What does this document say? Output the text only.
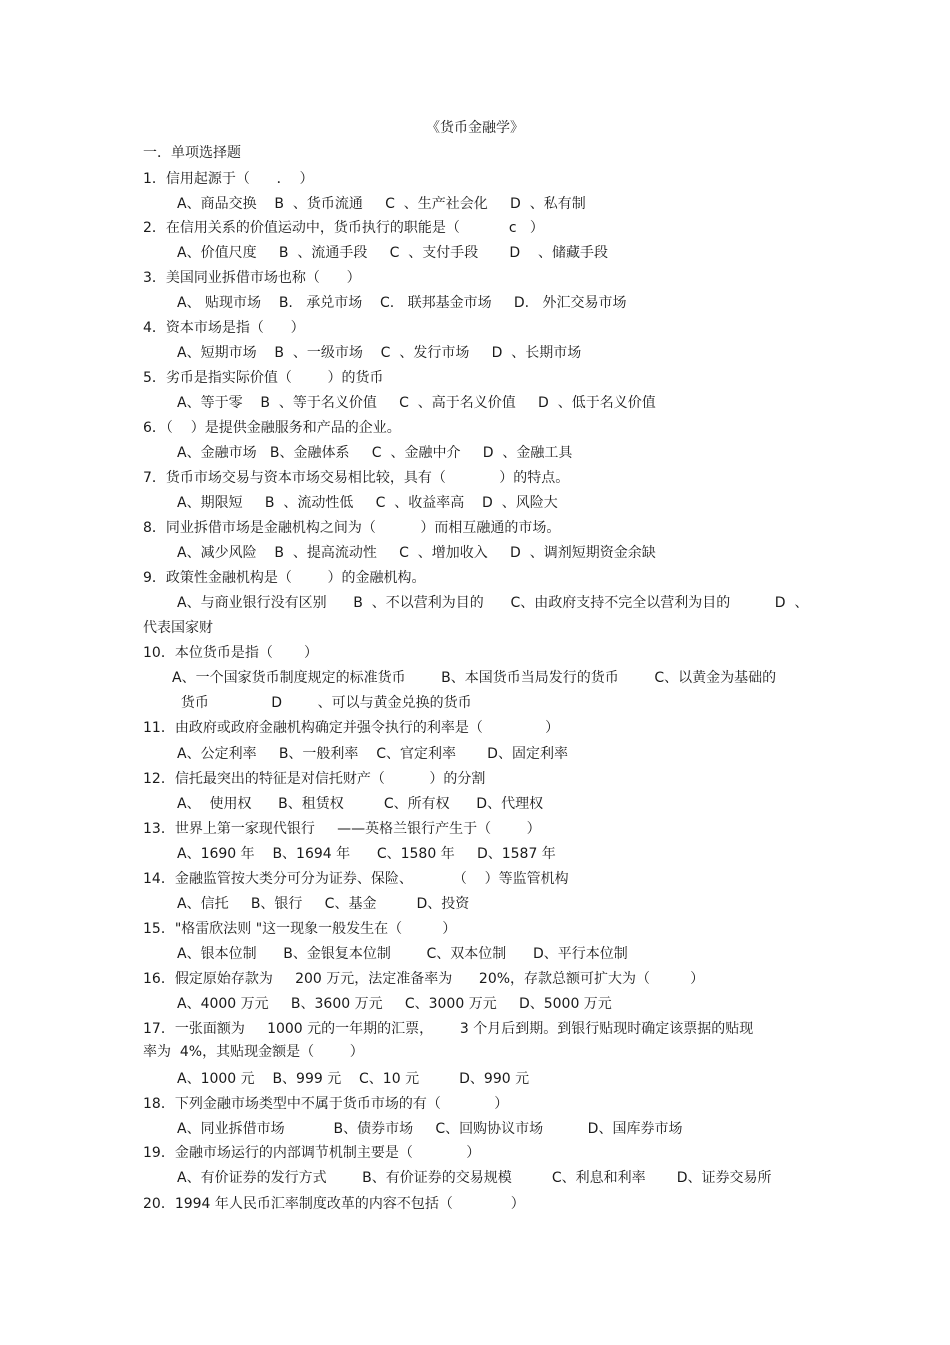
《货币金融学》
一．单项选择题
1．信用起源于（      ．  ）
A、商品交换    B  、货币流通     C  、生产社会化     D  、私有制
2．在信用关系的价值运动中，货币执行的职能是（           c   ）
A、价值尺度     B  、流通手段     C  、支付手段       D    、储藏手段
3．美国同业拆借市场也称（      ）
A、 贴现市场    B.   承兑市场    C.   联邦基金市场     D.   外汇交易市场
4．资本市场是指（      ）
A、短期市场    B  、一级市场    C  、发行市场     D  、长期市场
5．劣币是指实际价值（        ）的货币
A、等于零    B  、等于名义价值     C  、高于名义价值     D  、低于名义价值
6．（    ）是提供金融服务和产品的企业。
A、金融市场   B、金融体系     C  、金融中介     D  、金融工具
7．货币市场交易与资本市场交易相比较，具有（            ）的特点。
A、期限短     B  、流动性低     C  、收益率高    D  、风险大
8．同业拆借市场是金融机构之间为（          ）而相互融通的市场。
A、减少风险    B  、提高流动性     C  、增加收入     D  、调剂短期资金余缺
9．政策性金融机构是（        ）的金融机构。
A、与商业银行没有区别      B  、不以营利为目的      C、由政府支持不完全以营利为目的          D  、
代表国家财
10．本位货币是指（       ）
A、一个国家货币制度规定的标准货币        B、本国货币当局发行的货币        C、以黄金为基础的
货币              D        、可以与黄金兑换的货币
11．由政府或政府金融机构确定并强令执行的利率是（              ）
A、公定利率     B、一般利率    C、官定利率       D、固定利率
12．信托最突出的特征是对信托财产（          ）的分割
A、  使用权      B、租赁权         C、所有权      D、代理权
13．世界上第一家现代银行     ——英格兰银行产生于（        ）
A、1690 年    B、1694 年      C、1580 年     D、1587 年
14．金融监管按大类分可分为证券、保险、         （    ）等监管机构
A、信托     B、银行     C、基金         D、投资
15．"格雷欣法则 "这一现象一般发生在（         ）
A、银本位制      B、金银复本位制        C、双本位制      D、平行本位制
16．假定原始存款为     200 万元，法定准备率为      20%，存款总额可扩大为（         ）
A、4000 万元     B、3600 万元     C、3000 万元     D、5000 万元
17．一张面额为     1000 元的一年期的汇票，      3 个月后到期。到银行贴现时确定该票据的贴现
率为  4%，其贴现金额是（        ）
A、1000 元    B、999 元    C、10 元         D、990 元
18．下列金融市场类型中不属于货币市场的有（            ）
A、同业拆借市场           B、债券市场     C、回购协议市场          D、国库券市场
19．金融市场运行的内部调节机制主要是（            ）
A、有价证券的发行方式        B、有价证券的交易规模         C、利息和利率       D、证券交易所
20．1994 年人民币汇率制度改革的内容不包括（             ）
